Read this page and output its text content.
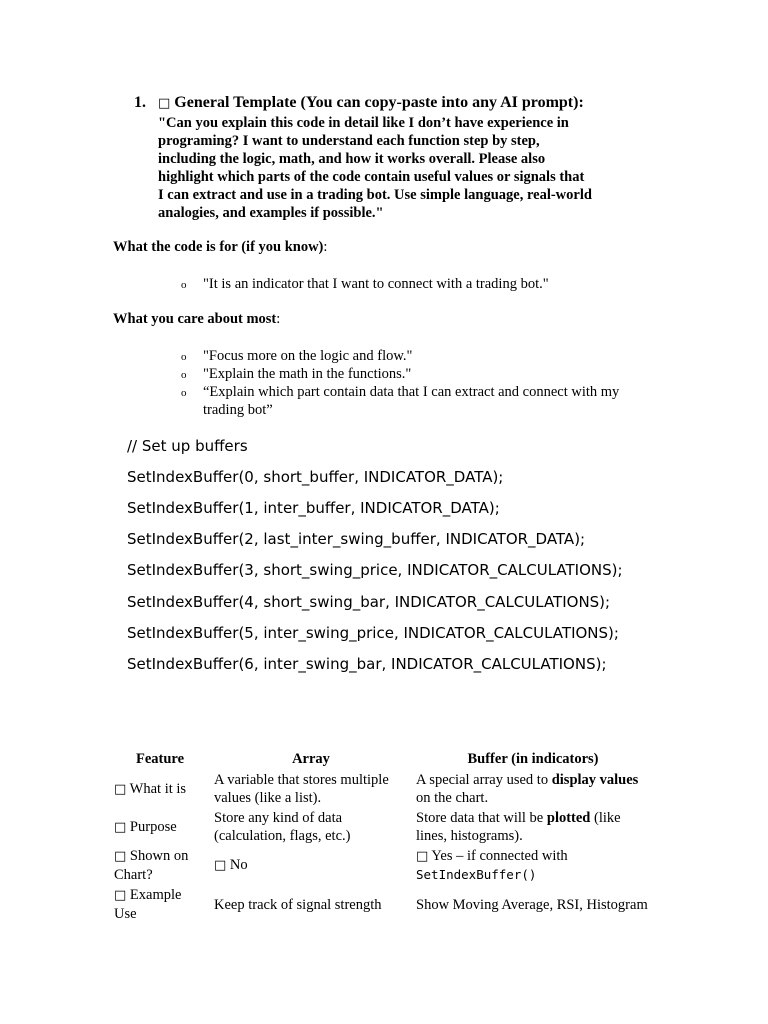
1. □ General Template (You can copy-paste into any AI prompt):
"Can you explain this code in detail like I don’t have experience in
programing? I want to understand each function step by step,
including the logic, math, and how it works overall. Please also
highlight which parts of the code contain useful values or signals that
I can extract and use in a trading bot. Use simple language, real-world
analogies, and examples if possible."
What the code is for (if you know):
o "It is an indicator that I want to connect with a trading bot."
What you care about most:
o "Focus more on the logic and flow."
o "Explain the math in the functions."
o “Explain which part contain data that I can extract and connect with my trading bot”
// Set up buffers
SetIndexBuffer(0, short_buffer, INDICATOR_DATA);
SetIndexBuffer(1, inter_buffer, INDICATOR_DATA);
SetIndexBuffer(2, last_inter_swing_buffer, INDICATOR_DATA);
SetIndexBuffer(3, short_swing_price, INDICATOR_CALCULATIONS);
SetIndexBuffer(4, short_swing_bar, INDICATOR_CALCULATIONS);
SetIndexBuffer(5, inter_swing_price, INDICATOR_CALCULATIONS);
SetIndexBuffer(6, inter_swing_bar, INDICATOR_CALCULATIONS);
Feature	Array	Buffer (in indicators)
□ What it is	A variable that stores multiple values (like a list).	A special array used to display values on the chart.
□ Purpose	Store any kind of data (calculation, flags, etc.)	Store data that will be plotted (like lines, histograms).
□ Shown on Chart?	□ No	□ Yes – if connected with
SetIndexBuffer()
□ Example Use	Keep track of signal strength	Show Moving Average, RSI, Histogram
